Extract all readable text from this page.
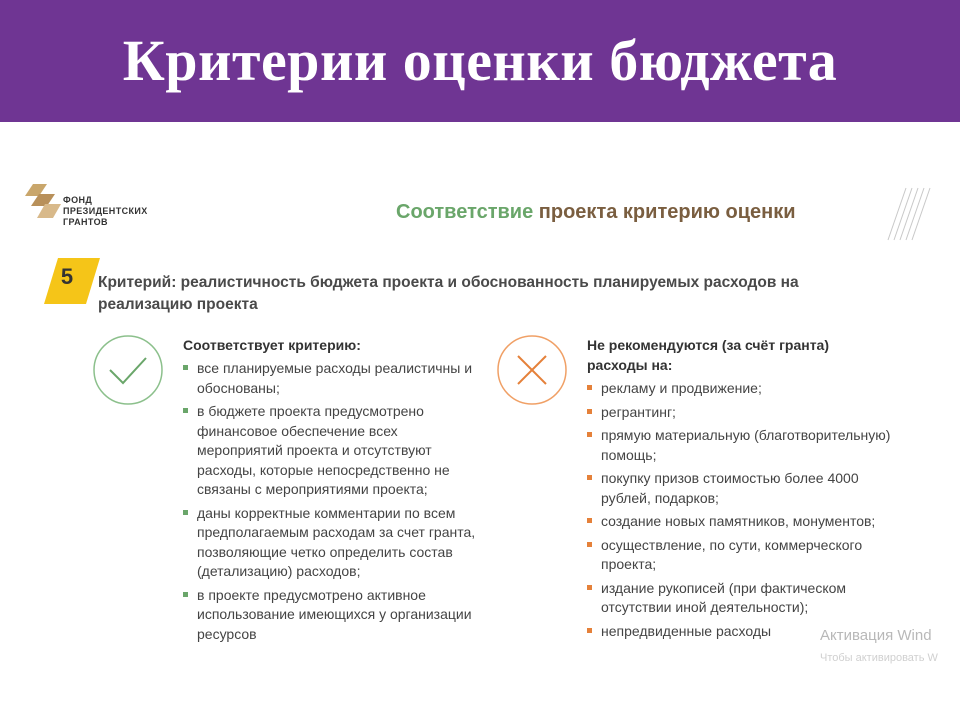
Критерии оценки бюджета
ФОНД
ПРЕЗИДЕНТСКИХ
ГРАНТОВ	Соответствие проекта критерию оценки
5	Критерий: реалистичность бюджета проекта и обоснованность планируемых расходов на реализацию проекта
Соответствует критерию:
все планируемые расходы реалистичны и обоснованы;
в бюджете проекта предусмотрено финансовое обеспечение всех мероприятий проекта и отсутствуют расходы, которые непосредственно не связаны с мероприятиями проекта;
даны корректные комментарии по всем предполагаемым расходам за счет гранта, позволяющие четко определить состав (детализацию) расходов;
в проекте предусмотрено активное использование имеющихся у организации ресурсов
Не рекомендуются (за счёт гранта) расходы на:
рекламу и продвижение;
регрантинг;
прямую материальную (благотворительную) помощь;
покупку призов стоимостью более 4000 рублей, подарков;
создание новых памятников, монументов;
осуществление, по сути, коммерческого проекта;
издание рукописей (при фактическом отсутствии иной деятельности);
непредвиденные расходы	Активация Wind
Чтобы активировать W
